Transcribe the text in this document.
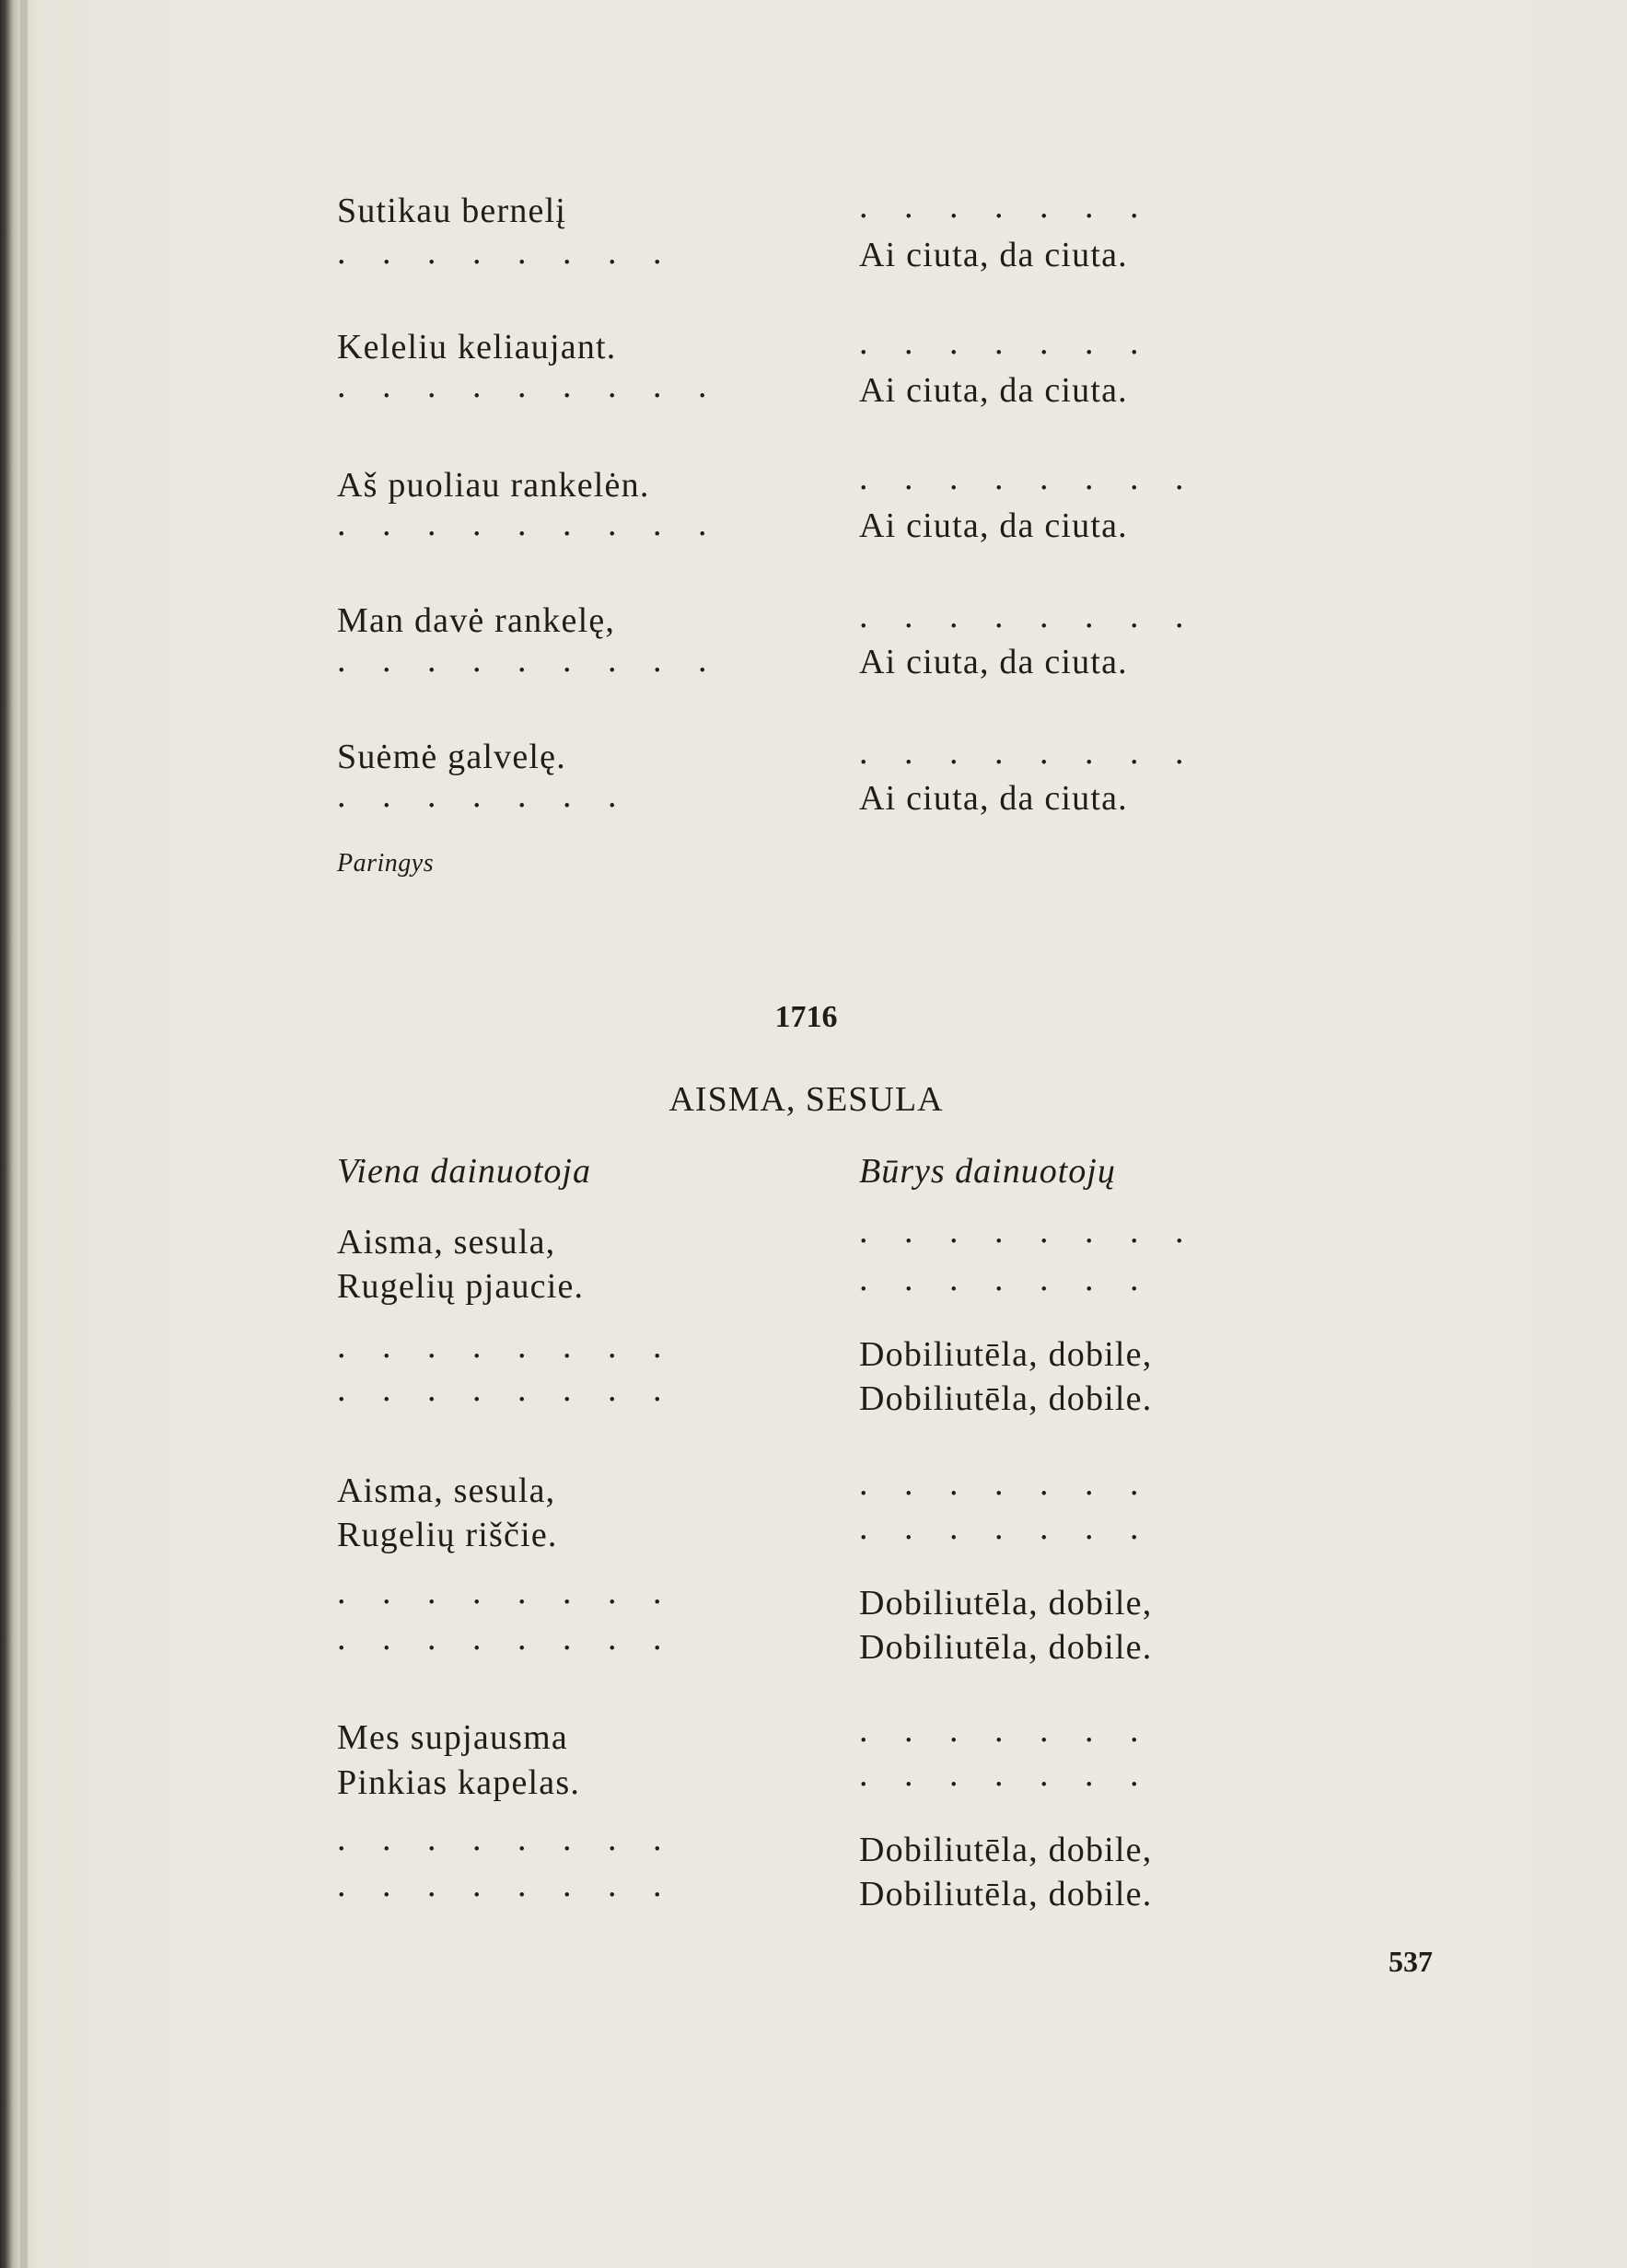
Sutikau bernelį	. . . . . . .
. . . . . . . .	Ai ciuta, da ciuta.
Keleliu keliaujant.	. . . . . . .
. . . . . . . . .	Ai ciuta, da ciuta.
Aš puoliau rankelėn.	. . . . . . . .
. . . . . . . . .	Ai ciuta, da ciuta.
Man davė rankelę,	. . . . . . . .
. . . . . . . . .	Ai ciuta, da ciuta.
Suėmė galvelę.	. . . . . . . .
. . . . . . .	Ai ciuta, da ciuta.
Paringys
1716
AISMA, SESULA
Viena dainuotoja	Būrys dainuotojų
Aisma, sesula,	. . . . . . . .
Rugelių pjaucie.	. . . . . . .
. . . . . . . .	Dobiliutēla, dobile,
. . . . . . . .	Dobiliutēla, dobile.
Aisma, sesula,	. . . . . . .
Rugelių riščie.	. . . . . . .
. . . . . . . .	Dobiliutēla, dobile,
. . . . . . . .	Dobiliutēla, dobile.
Mes supjausma	. . . . . . .
Pinkias kapelas.	. . . . . . .
. . . . . . . .	Dobiliutēla, dobile,
. . . . . . . .	Dobiliutēla, dobile.
537
